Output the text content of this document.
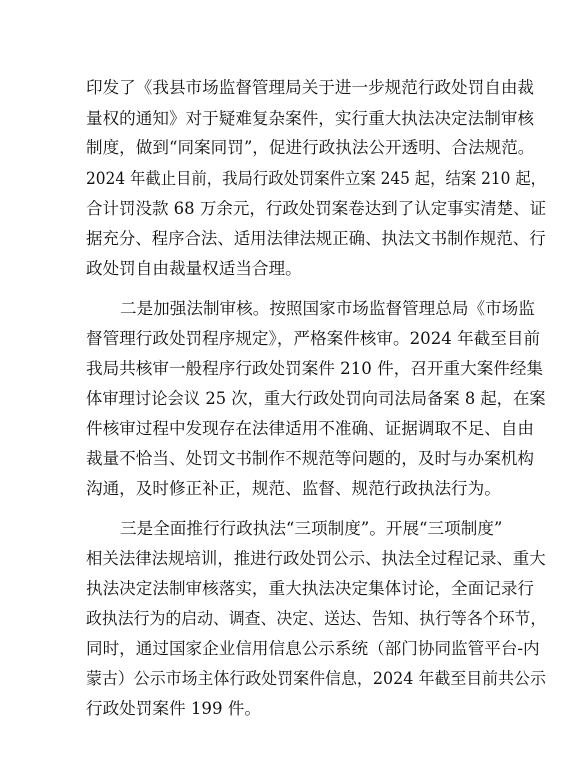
印发了《我县市场监督管理局关于进一步规范行政处罚自由裁

量权的通知》对于疑难复杂案件，实行重大执法决定法制审核

制度，做到“同案同罚”，促进行政执法公开透明、合法规范。

2024 年截止目前，我局行政处罚案件立案 245 起，结案 210 起，

合计罚没款 68 万余元，行政处罚案卷达到了认定事实清楚、证

据充分、程序合法、适用法律法规正确、执法文书制作规范、行

政处罚自由裁量权适当合理。

二是加强法制审核。按照国家市场监督管理总局《市场监

督管理行政处罚程序规定》，严格案件核审。2024 年截至目前

我局共核审一般程序行政处罚案件 210 件，召开重大案件经集

体审理讨论会议 25 次，重大行政处罚向司法局备案 8 起，在案

件核审过程中发现存在法律适用不准确、证据调取不足、自由

裁量不恰当、处罚文书制作不规范等问题的，及时与办案机构

沟通，及时修正补正，规范、监督、规范行政执法行为。

三是全面推行行政执法“三项制度”。开展“三项制度”

相关法律法规培训，推进行政处罚公示、执法全过程记录、重大

执法决定法制审核落实，重大执法决定集体讨论，全面记录行

政执法行为的启动、调查、决定、送达、告知、执行等各个环节，

同时，通过国家企业信用信息公示系统（部门协同监管平台-内

蒙古）公示市场主体行政处罚案件信息，2024 年截至目前共公示

行政处罚案件 199 件。
